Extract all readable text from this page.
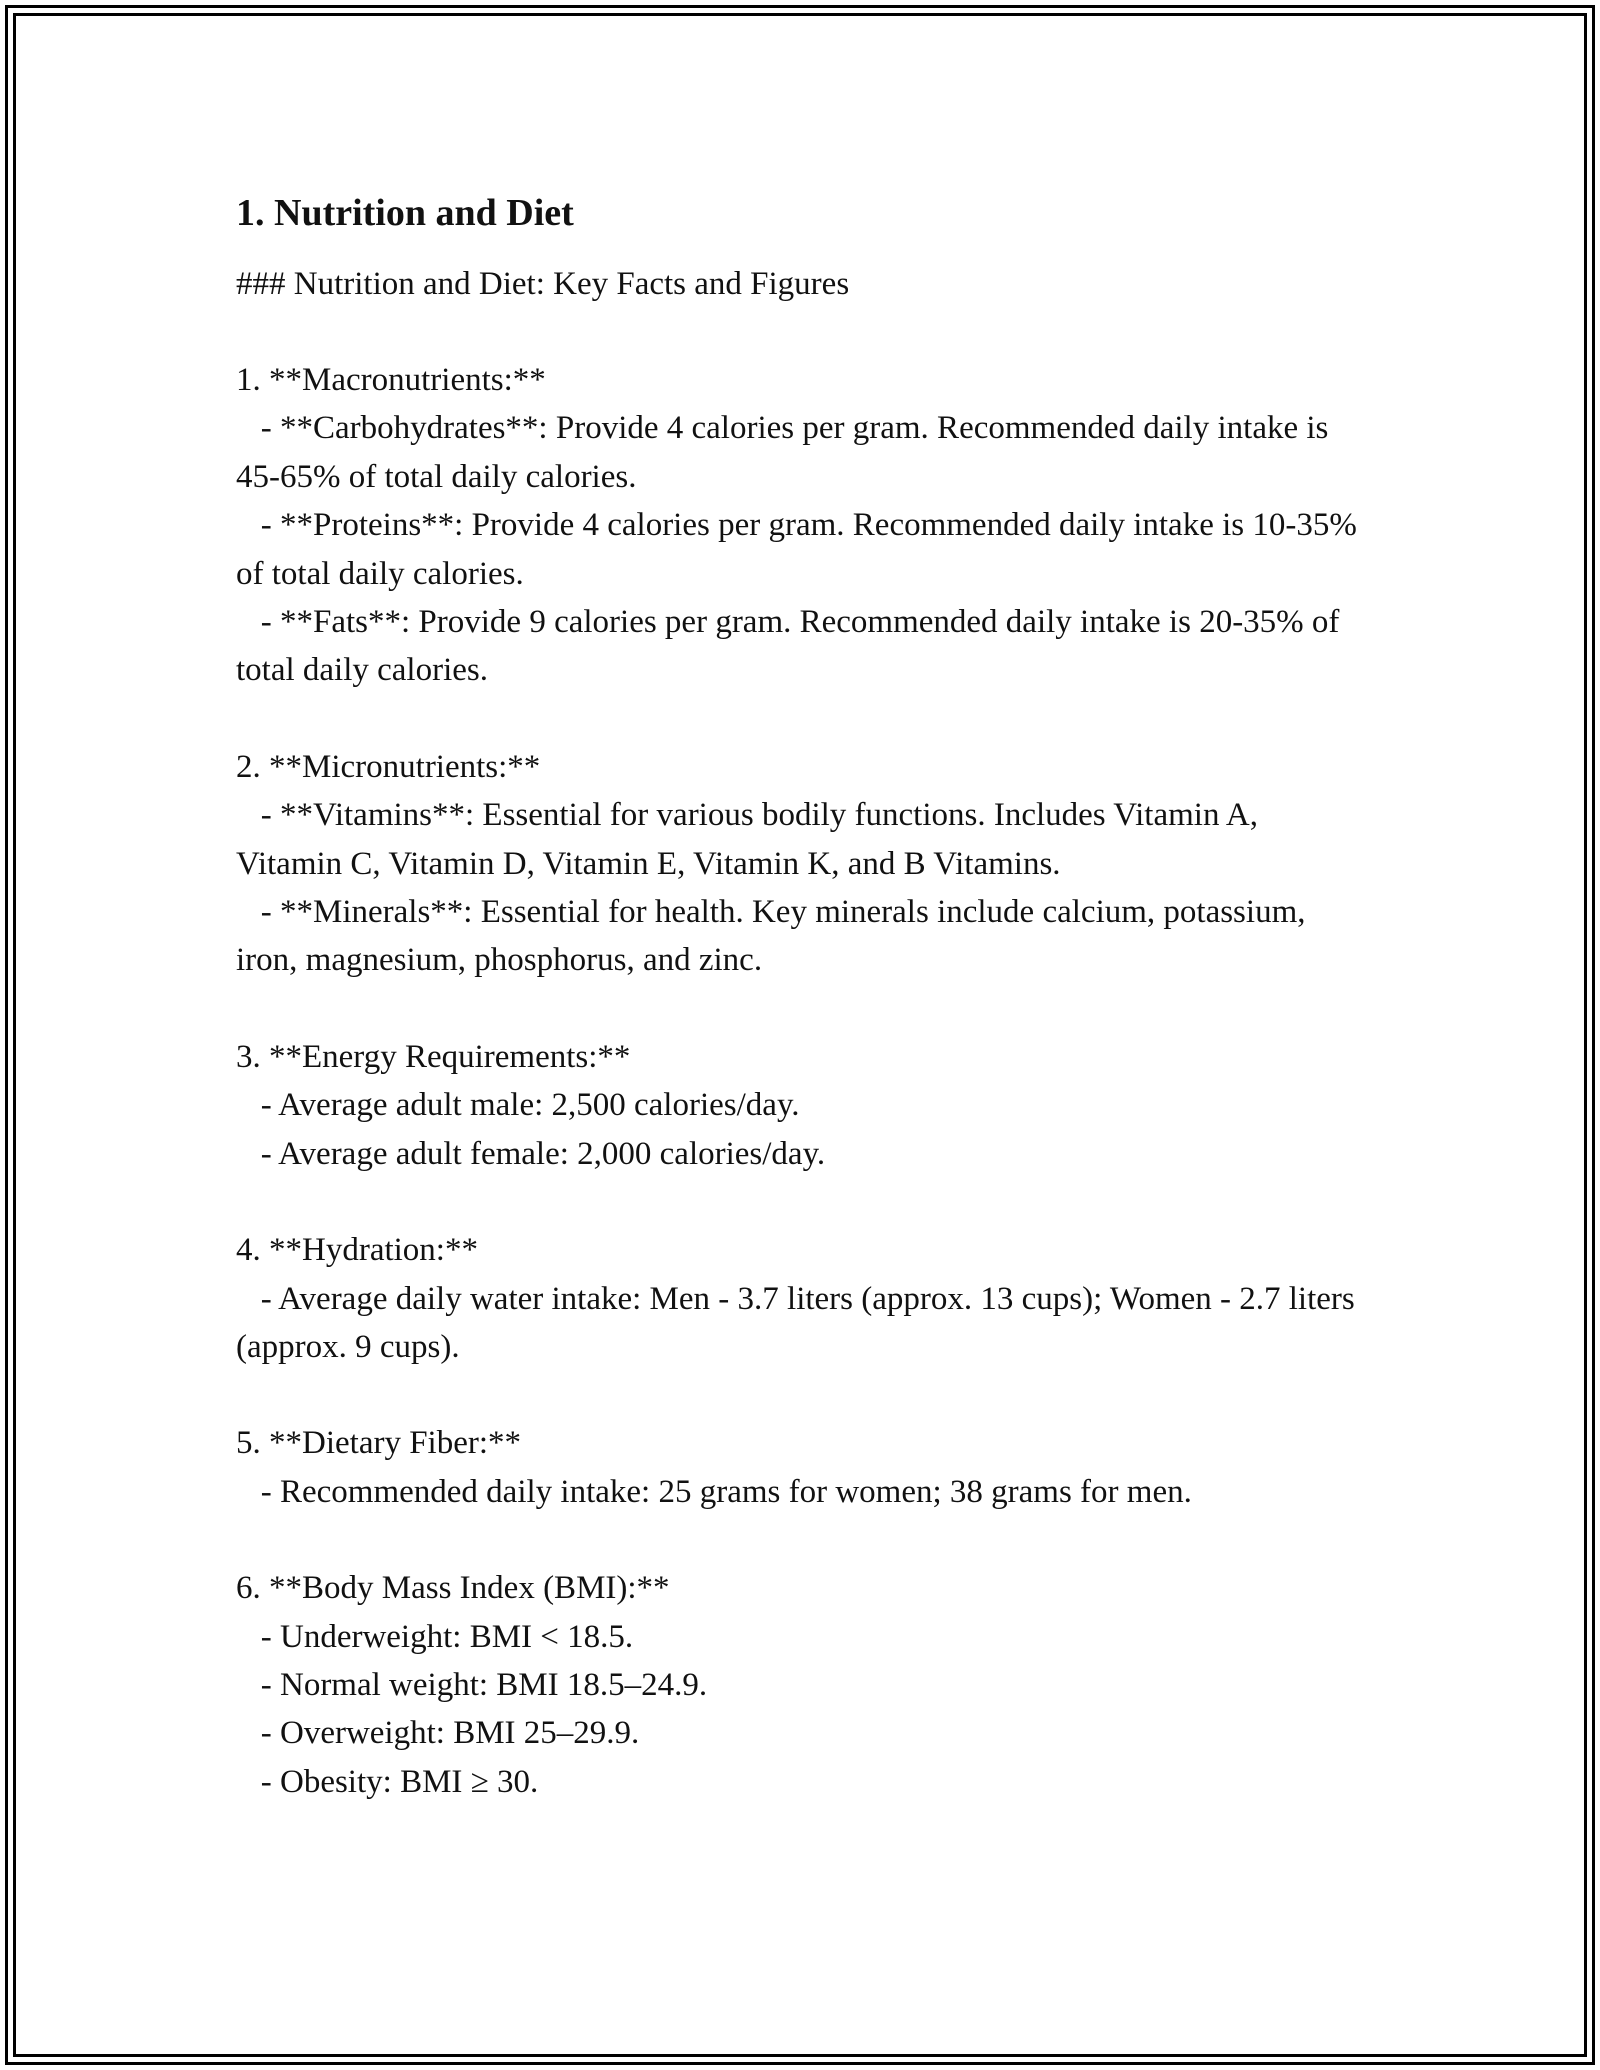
1. Nutrition and Diet

### Nutrition and Diet: Key Facts and Figures

1. **Macronutrients:**

- **Carbohydrates**: Provide 4 calories per gram. Recommended daily intake is 45-65% of total daily calories.

- **Proteins**: Provide 4 calories per gram. Recommended daily intake is 10-35% of total daily calories.

- **Fats**: Provide 9 calories per gram. Recommended daily intake is 20-35% of total daily calories.

2. **Micronutrients:**

- **Vitamins**: Essential for various bodily functions. Includes Vitamin A, Vitamin C, Vitamin D, Vitamin E, Vitamin K, and B Vitamins.

- **Minerals**: Essential for health. Key minerals include calcium, potassium, iron, magnesium, phosphorus, and zinc.

3. **Energy Requirements:**

- Average adult male: 2,500 calories/day.

- Average adult female: 2,000 calories/day.

4. **Hydration:**

- Average daily water intake: Men - 3.7 liters (approx. 13 cups); Women - 2.7 liters (approx. 9 cups).

5. **Dietary Fiber:**

- Recommended daily intake: 25 grams for women; 38 grams for men.

6. **Body Mass Index (BMI):**

- Underweight: BMI < 18.5.

- Normal weight: BMI 18.5–24.9.

- Overweight: BMI 25–29.9.

- Obesity: BMI ≥ 30.
